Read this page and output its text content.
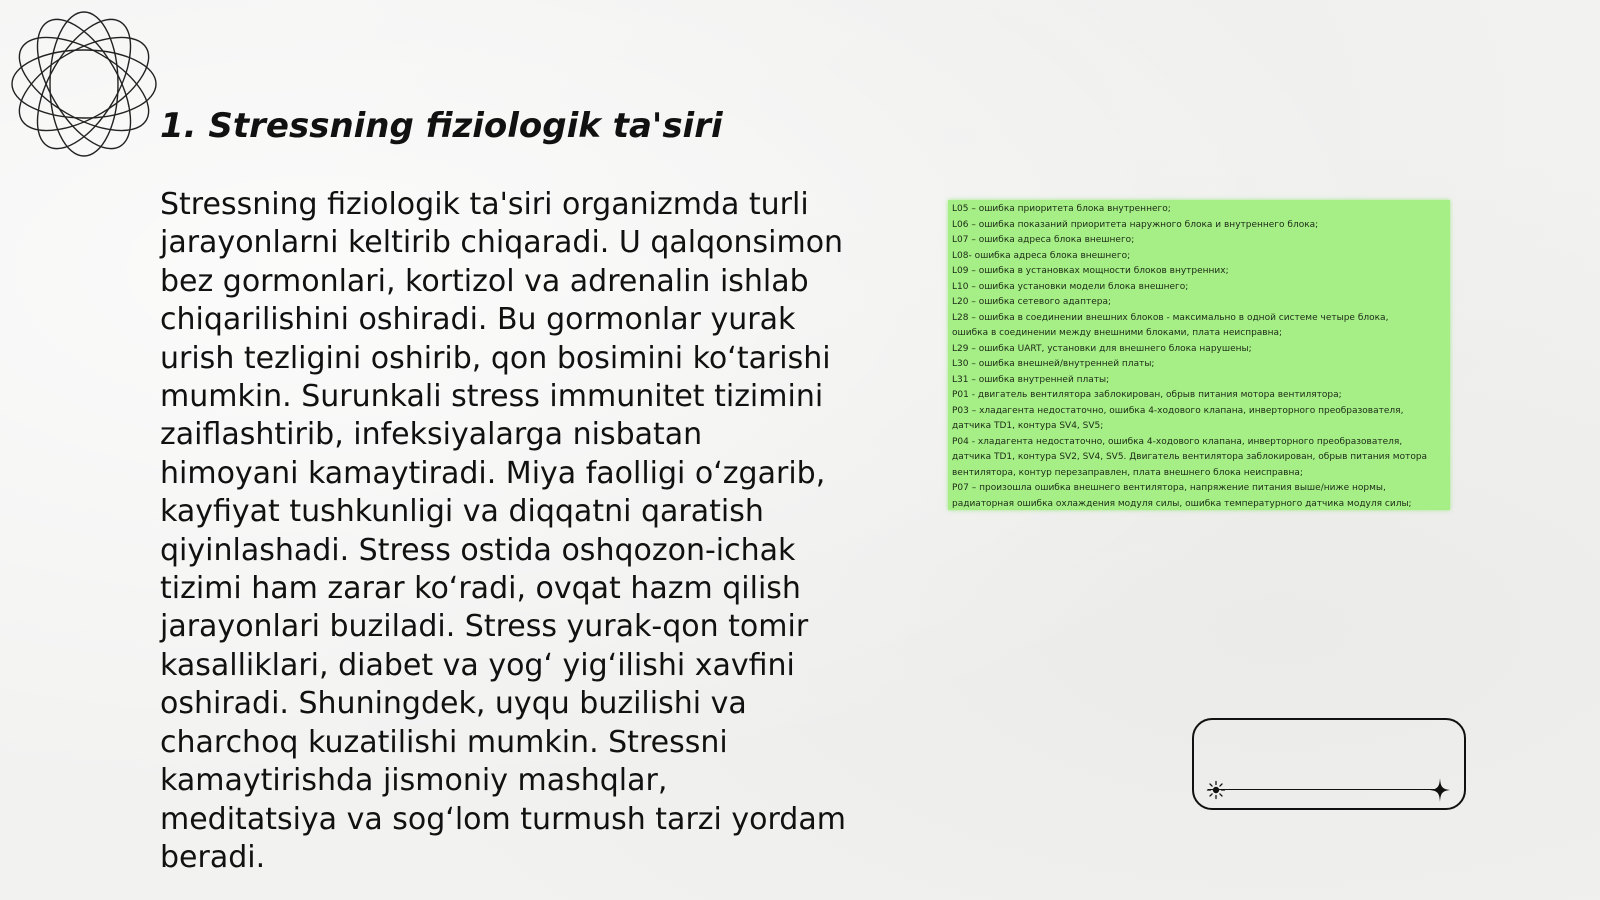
1. Stressning fiziologik ta'siri

Stressning fiziologik ta'siri organizmda turli jarayonlarni keltirib chiqaradi. U qalqonsimon bez gormonlari, kortizol va adrenalin ishlab chiqarilishini oshiradi. Bu gormonlar yurak urish tezligini oshirib, qon bosimini ko‘tarishi mumkin. Surunkali stress immunitet tizimini zaiflashtirib, infeksiyalarga nisbatan himoyani kamaytiradi. Miya faolligi o‘zgarib, kayfiyat tushkunligi va diqqatni qaratish qiyinlashadi. Stress ostida oshqozon-ichak tizimi ham zarar ko‘radi, ovqat hazm qilish jarayonlari buziladi. Stress yurak-qon tomir kasalliklari, diabet va yog‘ yig‘ilishi xavfini oshiradi. Shuningdek, uyqu buzilishi va charchoq kuzatilishi mumkin. Stressni kamaytirishda jismoniy mashqlar, meditatsiya va sog‘lom turmush tarzi yordam beradi.

L05 – ошибка приоритета блока внутреннего;

L06 – ошибка показаний приоритета наружного блока и внутреннего блока;

L07 – ошибка адреса блока внешнего;

L08- ошибка адреса блока внешнего;

L09 – ошибка в установках мощности блоков внутренних;

L10 – ошибка установки модели блока внешнего;

L20 – ошибка сетевого адаптера;

L28 – ошибка в соединении внешних блоков - максимально в одной системе четыре блока,

ошибка в соединении между внешними блоками, плата неисправна;

L29 – ошибка UART, установки для внешнего блока нарушены;

L30 – ошибка внешней/внутренней платы;

L31 – ошибка внутренней платы;

P01 - двигатель вентилятора заблокирован, обрыв питания мотора вентилятора;

P03 – хладагента недостаточно, ошибка 4-ходового клапана, инверторного преобразователя,

датчика TD1, контура SV4, SV5;

P04 - хладагента недостаточно, ошибка 4-ходового клапана, инверторного преобразователя,

датчика TD1, контура SV2, SV4, SV5. Двигатель вентилятора заблокирован, обрыв питания мотора

вентилятора, контур перезаправлен, плата внешнего блока неисправна;

P07 – произошла ошибка внешнего вентилятора, напряжение питания выше/ниже нормы,

радиаторная ошибка охлаждения модуля силы, ошибка температурного датчика модуля силы;
